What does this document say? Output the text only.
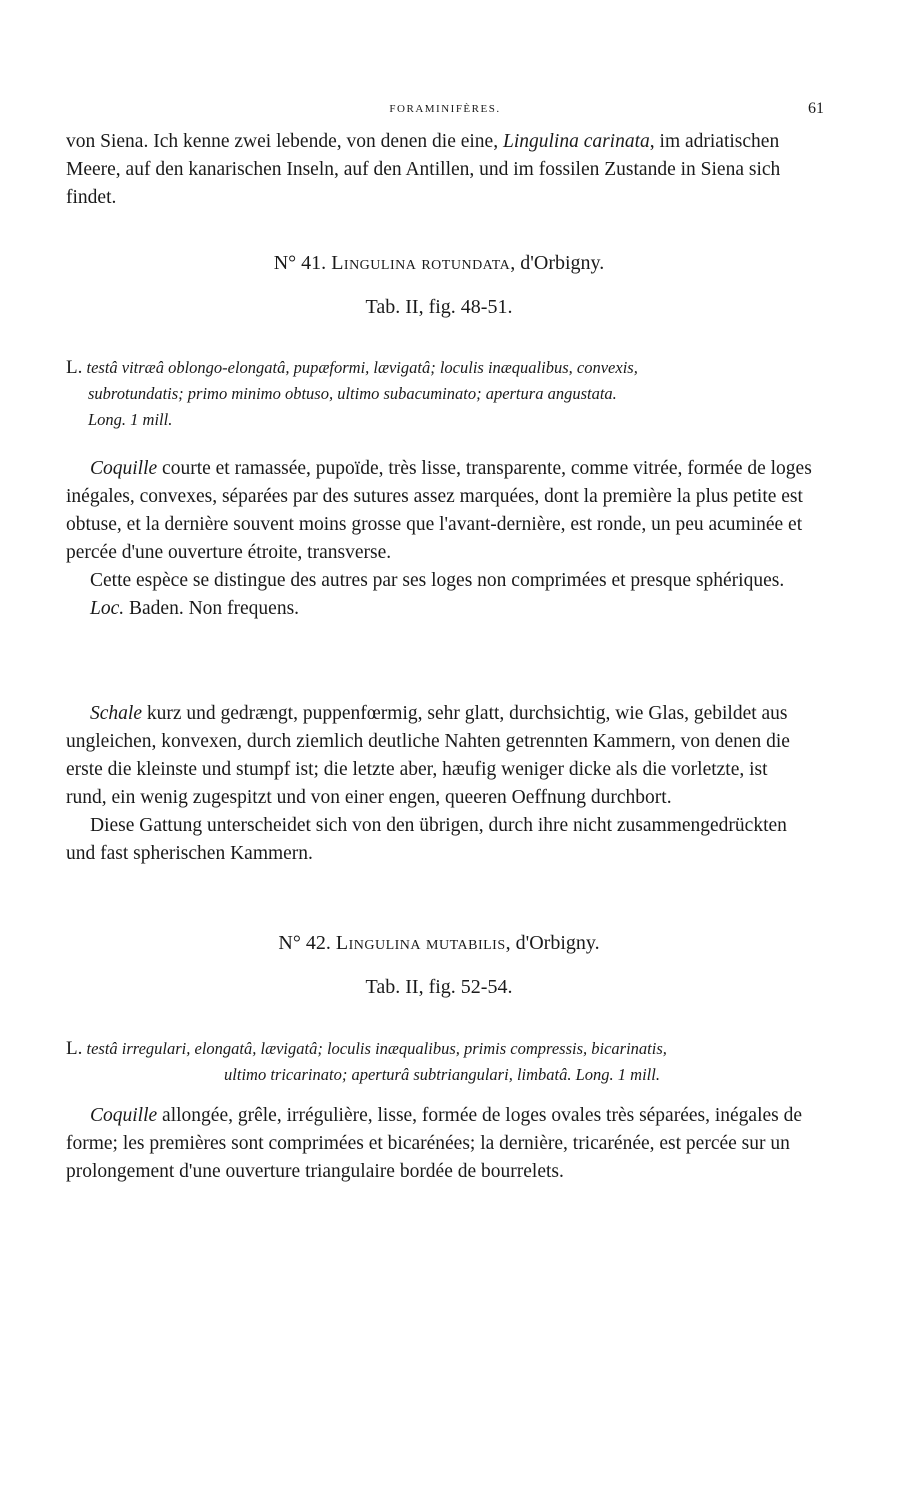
FORAMINIFÈRES.	61

von Siena. Ich kenne zwei lebende, von denen die eine, Lingulina carinata, im adriatischen Meere, auf den kanarischen Inseln, auf den Antillen, und im fossilen Zustande in Siena sich findet.

N° 41. Lingulina rotundata, d'Orbigny.
Tab. II, fig. 48-51.
L. testâ vitræâ oblongo-elongatâ, pupæformi, lævigatâ; loculis inæqualibus, convexis,
subrotundatis; primo minimo obtuso, ultimo subacuminato; apertura angustata.
Long. 1 mill.

Coquille courte et ramassée, pupoïde, très lisse, transparente, comme vitrée, formée de loges inégales, convexes, séparées par des sutures assez marquées, dont la première la plus petite est obtuse, et la dernière souvent moins grosse que l'avant-dernière, est ronde, un peu acuminée et percée d'une ouverture étroite, transverse.

Cette espèce se distingue des autres par ses loges non comprimées et presque sphériques.

Loc. Baden. Non frequens.

Schale kurz und gedrængt, puppenfœrmig, sehr glatt, durchsichtig, wie Glas, gebildet aus ungleichen, konvexen, durch ziemlich deutliche Nahten getrennten Kammern, von denen die erste die kleinste und stumpf ist; die letzte aber, hæufig weniger dicke als die vorletzte, ist rund, ein wenig zugespitzt und von einer engen, queeren Oeffnung durchbort.

Diese Gattung unterscheidet sich von den übrigen, durch ihre nicht zusammengedrückten und fast spherischen Kammern.

N° 42. Lingulina mutabilis, d'Orbigny.
Tab. II, fig. 52-54.
L. testâ irregulari, elongatâ, lævigatâ; loculis inæqualibus, primis compressis, bicarinatis,
ultimo tricarinato; aperturâ subtriangulari, limbatâ. Long. 1 mill.

Coquille allongée, grêle, irrégulière, lisse, formée de loges ovales très séparées, inégales de forme; les premières sont comprimées et bicarénées; la dernière, tricarénée, est percée sur un prolongement d'une ouverture triangulaire bordée de bourrelets.
